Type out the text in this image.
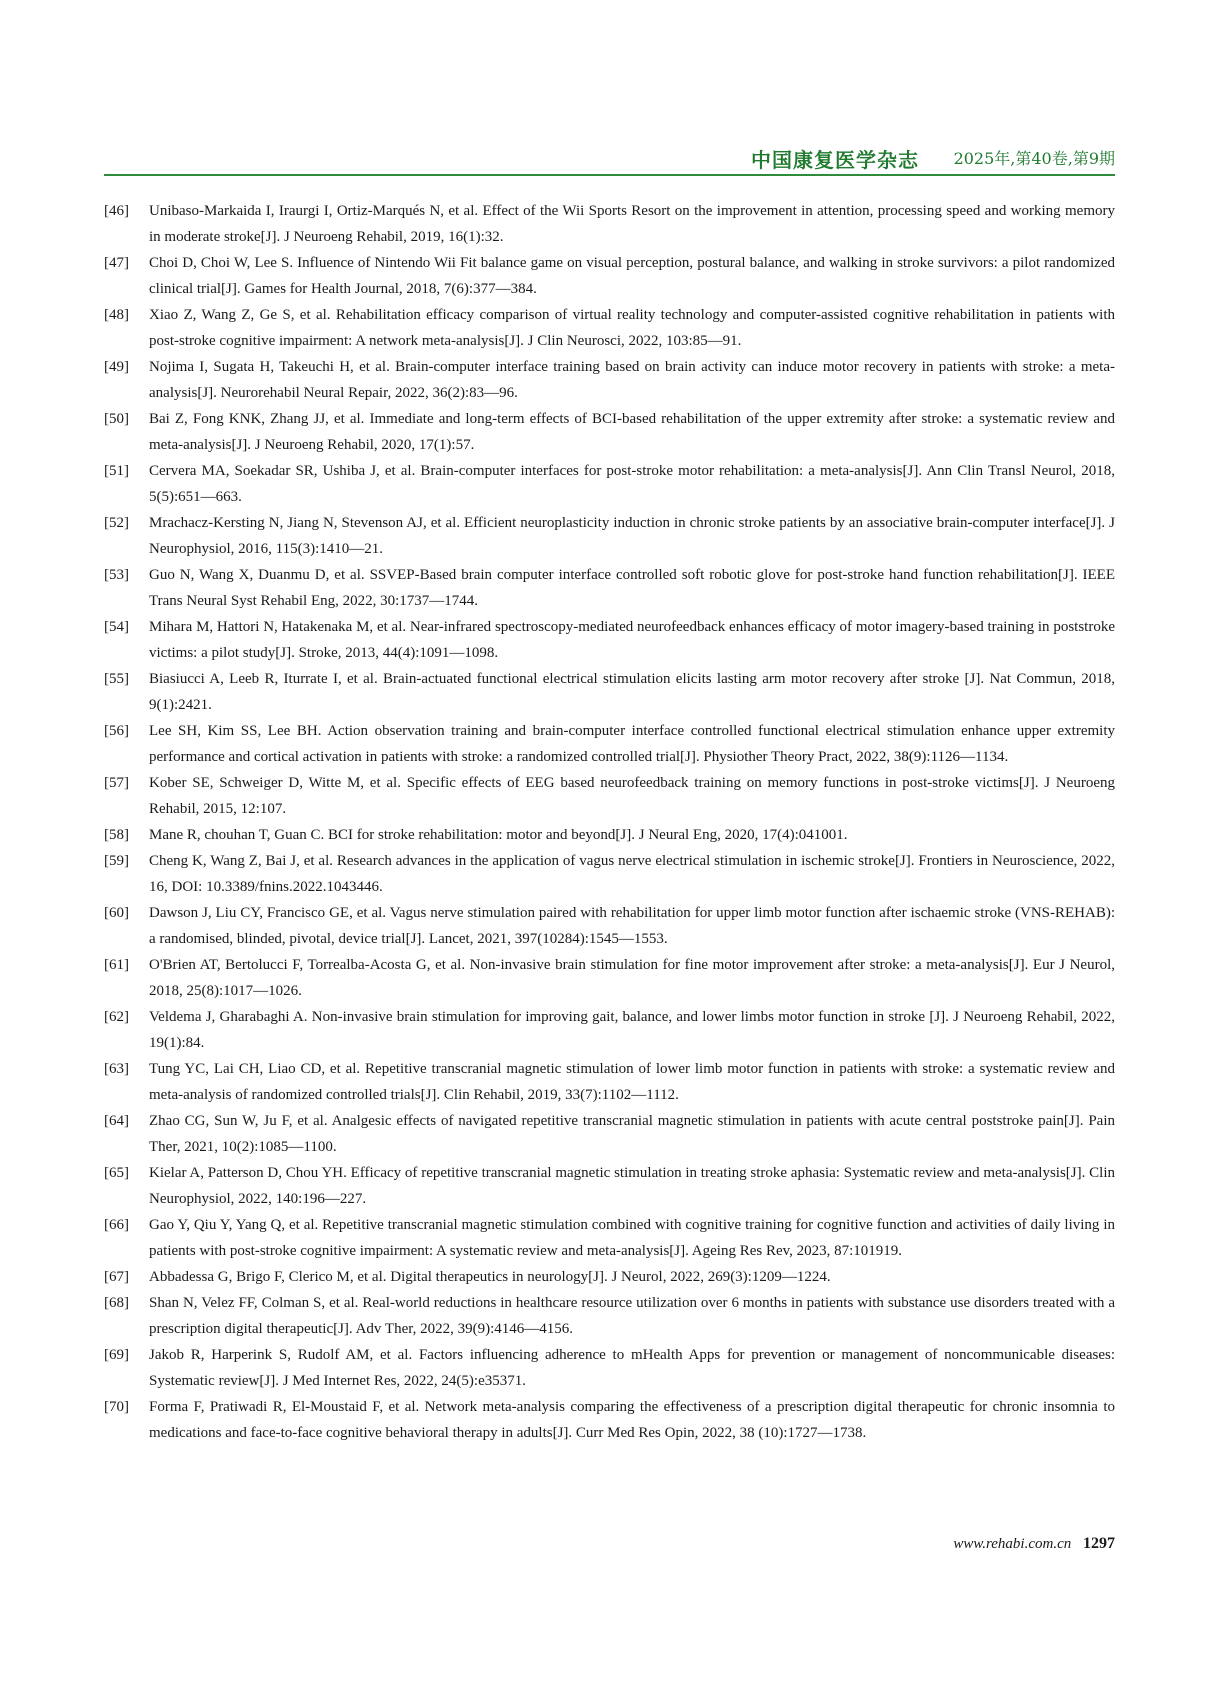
中国康复医学杂志 2025年,第40卷,第9期
[46] Unibaso-Markaida I, Iraurgi I, Ortiz-Marqués N, et al. Effect of the Wii Sports Resort on the improvement in attention, processing speed and working memory in moderate stroke[J]. J Neuroeng Rehabil, 2019, 16(1):32.
[47] Choi D, Choi W, Lee S. Influence of Nintendo Wii Fit balance game on visual perception, postural balance, and walking in stroke survivors: a pilot randomized clinical trial[J]. Games for Health Journal, 2018, 7(6):377—384.
[48] Xiao Z, Wang Z, Ge S, et al. Rehabilitation efficacy comparison of virtual reality technology and computer-assisted cognitive rehabilitation in patients with post-stroke cognitive impairment: A network meta-analysis[J]. J Clin Neurosci, 2022, 103:85—91.
[49] Nojima I, Sugata H, Takeuchi H, et al. Brain-computer interface training based on brain activity can induce motor recovery in patients with stroke: a meta-analysis[J]. Neurorehabil Neural Repair, 2022, 36(2):83—96.
[50] Bai Z, Fong KNK, Zhang JJ, et al. Immediate and long-term effects of BCI-based rehabilitation of the upper extremity after stroke: a systematic review and meta-analysis[J]. J Neuroeng Rehabil, 2020, 17(1):57.
[51] Cervera MA, Soekadar SR, Ushiba J, et al. Brain-computer interfaces for post-stroke motor rehabilitation: a meta-analysis[J]. Ann Clin Transl Neurol, 2018, 5(5):651—663.
[52] Mrachacz-Kersting N, Jiang N, Stevenson AJ, et al. Efficient neuroplasticity induction in chronic stroke patients by an associative brain-computer interface[J]. J Neurophysiol, 2016, 115(3):1410—21.
[53] Guo N, Wang X, Duanmu D, et al. SSVEP-Based brain computer interface controlled soft robotic glove for post-stroke hand function rehabilitation[J]. IEEE Trans Neural Syst Rehabil Eng, 2022, 30:1737—1744.
[54] Mihara M, Hattori N, Hatakenaka M, et al. Near-infrared spectroscopy-mediated neurofeedback enhances efficacy of motor imagery-based training in poststroke victims: a pilot study[J]. Stroke, 2013, 44(4):1091—1098.
[55] Biasiucci A, Leeb R, Iturrate I, et al. Brain-actuated functional electrical stimulation elicits lasting arm motor recovery after stroke [J]. Nat Commun, 2018, 9(1):2421.
[56] Lee SH, Kim SS, Lee BH. Action observation training and brain-computer interface controlled functional electrical stimulation enhance upper extremity performance and cortical activation in patients with stroke: a randomized controlled trial[J]. Physiother Theory Pract, 2022, 38(9):1126—1134.
[57] Kober SE, Schweiger D, Witte M, et al. Specific effects of EEG based neurofeedback training on memory functions in post-stroke victims[J]. J Neuroeng Rehabil, 2015, 12:107.
[58] Mane R, chouhan T, Guan C. BCI for stroke rehabilitation: motor and beyond[J]. J Neural Eng, 2020, 17(4):041001.
[59] Cheng K, Wang Z, Bai J, et al. Research advances in the application of vagus nerve electrical stimulation in ischemic stroke[J]. Frontiers in Neuroscience, 2022, 16, DOI: 10.3389/fnins.2022.1043446.
[60] Dawson J, Liu CY, Francisco GE, et al. Vagus nerve stimulation paired with rehabilitation for upper limb motor function after ischaemic stroke (VNS-REHAB): a randomised, blinded, pivotal, device trial[J]. Lancet, 2021, 397(10284):1545—1553.
[61] O'Brien AT, Bertolucci F, Torrealba-Acosta G, et al. Non-invasive brain stimulation for fine motor improvement after stroke: a meta-analysis[J]. Eur J Neurol, 2018, 25(8):1017—1026.
[62] Veldema J, Gharabaghi A. Non-invasive brain stimulation for improving gait, balance, and lower limbs motor function in stroke [J]. J Neuroeng Rehabil, 2022, 19(1):84.
[63] Tung YC, Lai CH, Liao CD, et al. Repetitive transcranial magnetic stimulation of lower limb motor function in patients with stroke: a systematic review and meta-analysis of randomized controlled trials[J]. Clin Rehabil, 2019, 33(7):1102—1112.
[64] Zhao CG, Sun W, Ju F, et al. Analgesic effects of navigated repetitive transcranial magnetic stimulation in patients with acute central poststroke pain[J]. Pain Ther, 2021, 10(2):1085—1100.
[65] Kielar A, Patterson D, Chou YH. Efficacy of repetitive transcranial magnetic stimulation in treating stroke aphasia: Systematic review and meta-analysis[J]. Clin Neurophysiol, 2022, 140:196—227.
[66] Gao Y, Qiu Y, Yang Q, et al. Repetitive transcranial magnetic stimulation combined with cognitive training for cognitive function and activities of daily living in patients with post-stroke cognitive impairment: A systematic review and meta-analysis[J]. Ageing Res Rev, 2023, 87:101919.
[67] Abbadessa G, Brigo F, Clerico M, et al. Digital therapeutics in neurology[J]. J Neurol, 2022, 269(3):1209—1224.
[68] Shan N, Velez FF, Colman S, et al. Real-world reductions in healthcare resource utilization over 6 months in patients with substance use disorders treated with a prescription digital therapeutic[J]. Adv Ther, 2022, 39(9):4146—4156.
[69] Jakob R, Harperink S, Rudolf AM, et al. Factors influencing adherence to mHealth Apps for prevention or management of noncommunicable diseases: Systematic review[J]. J Med Internet Res, 2022, 24(5):e35371.
[70] Forma F, Pratiwadi R, El-Moustaid F, et al. Network meta-analysis comparing the effectiveness of a prescription digital therapeutic for chronic insomnia to medications and face-to-face cognitive behavioral therapy in adults[J]. Curr Med Res Opin, 2022, 38 (10):1727—1738.
www.rehabi.com.cn 1297
